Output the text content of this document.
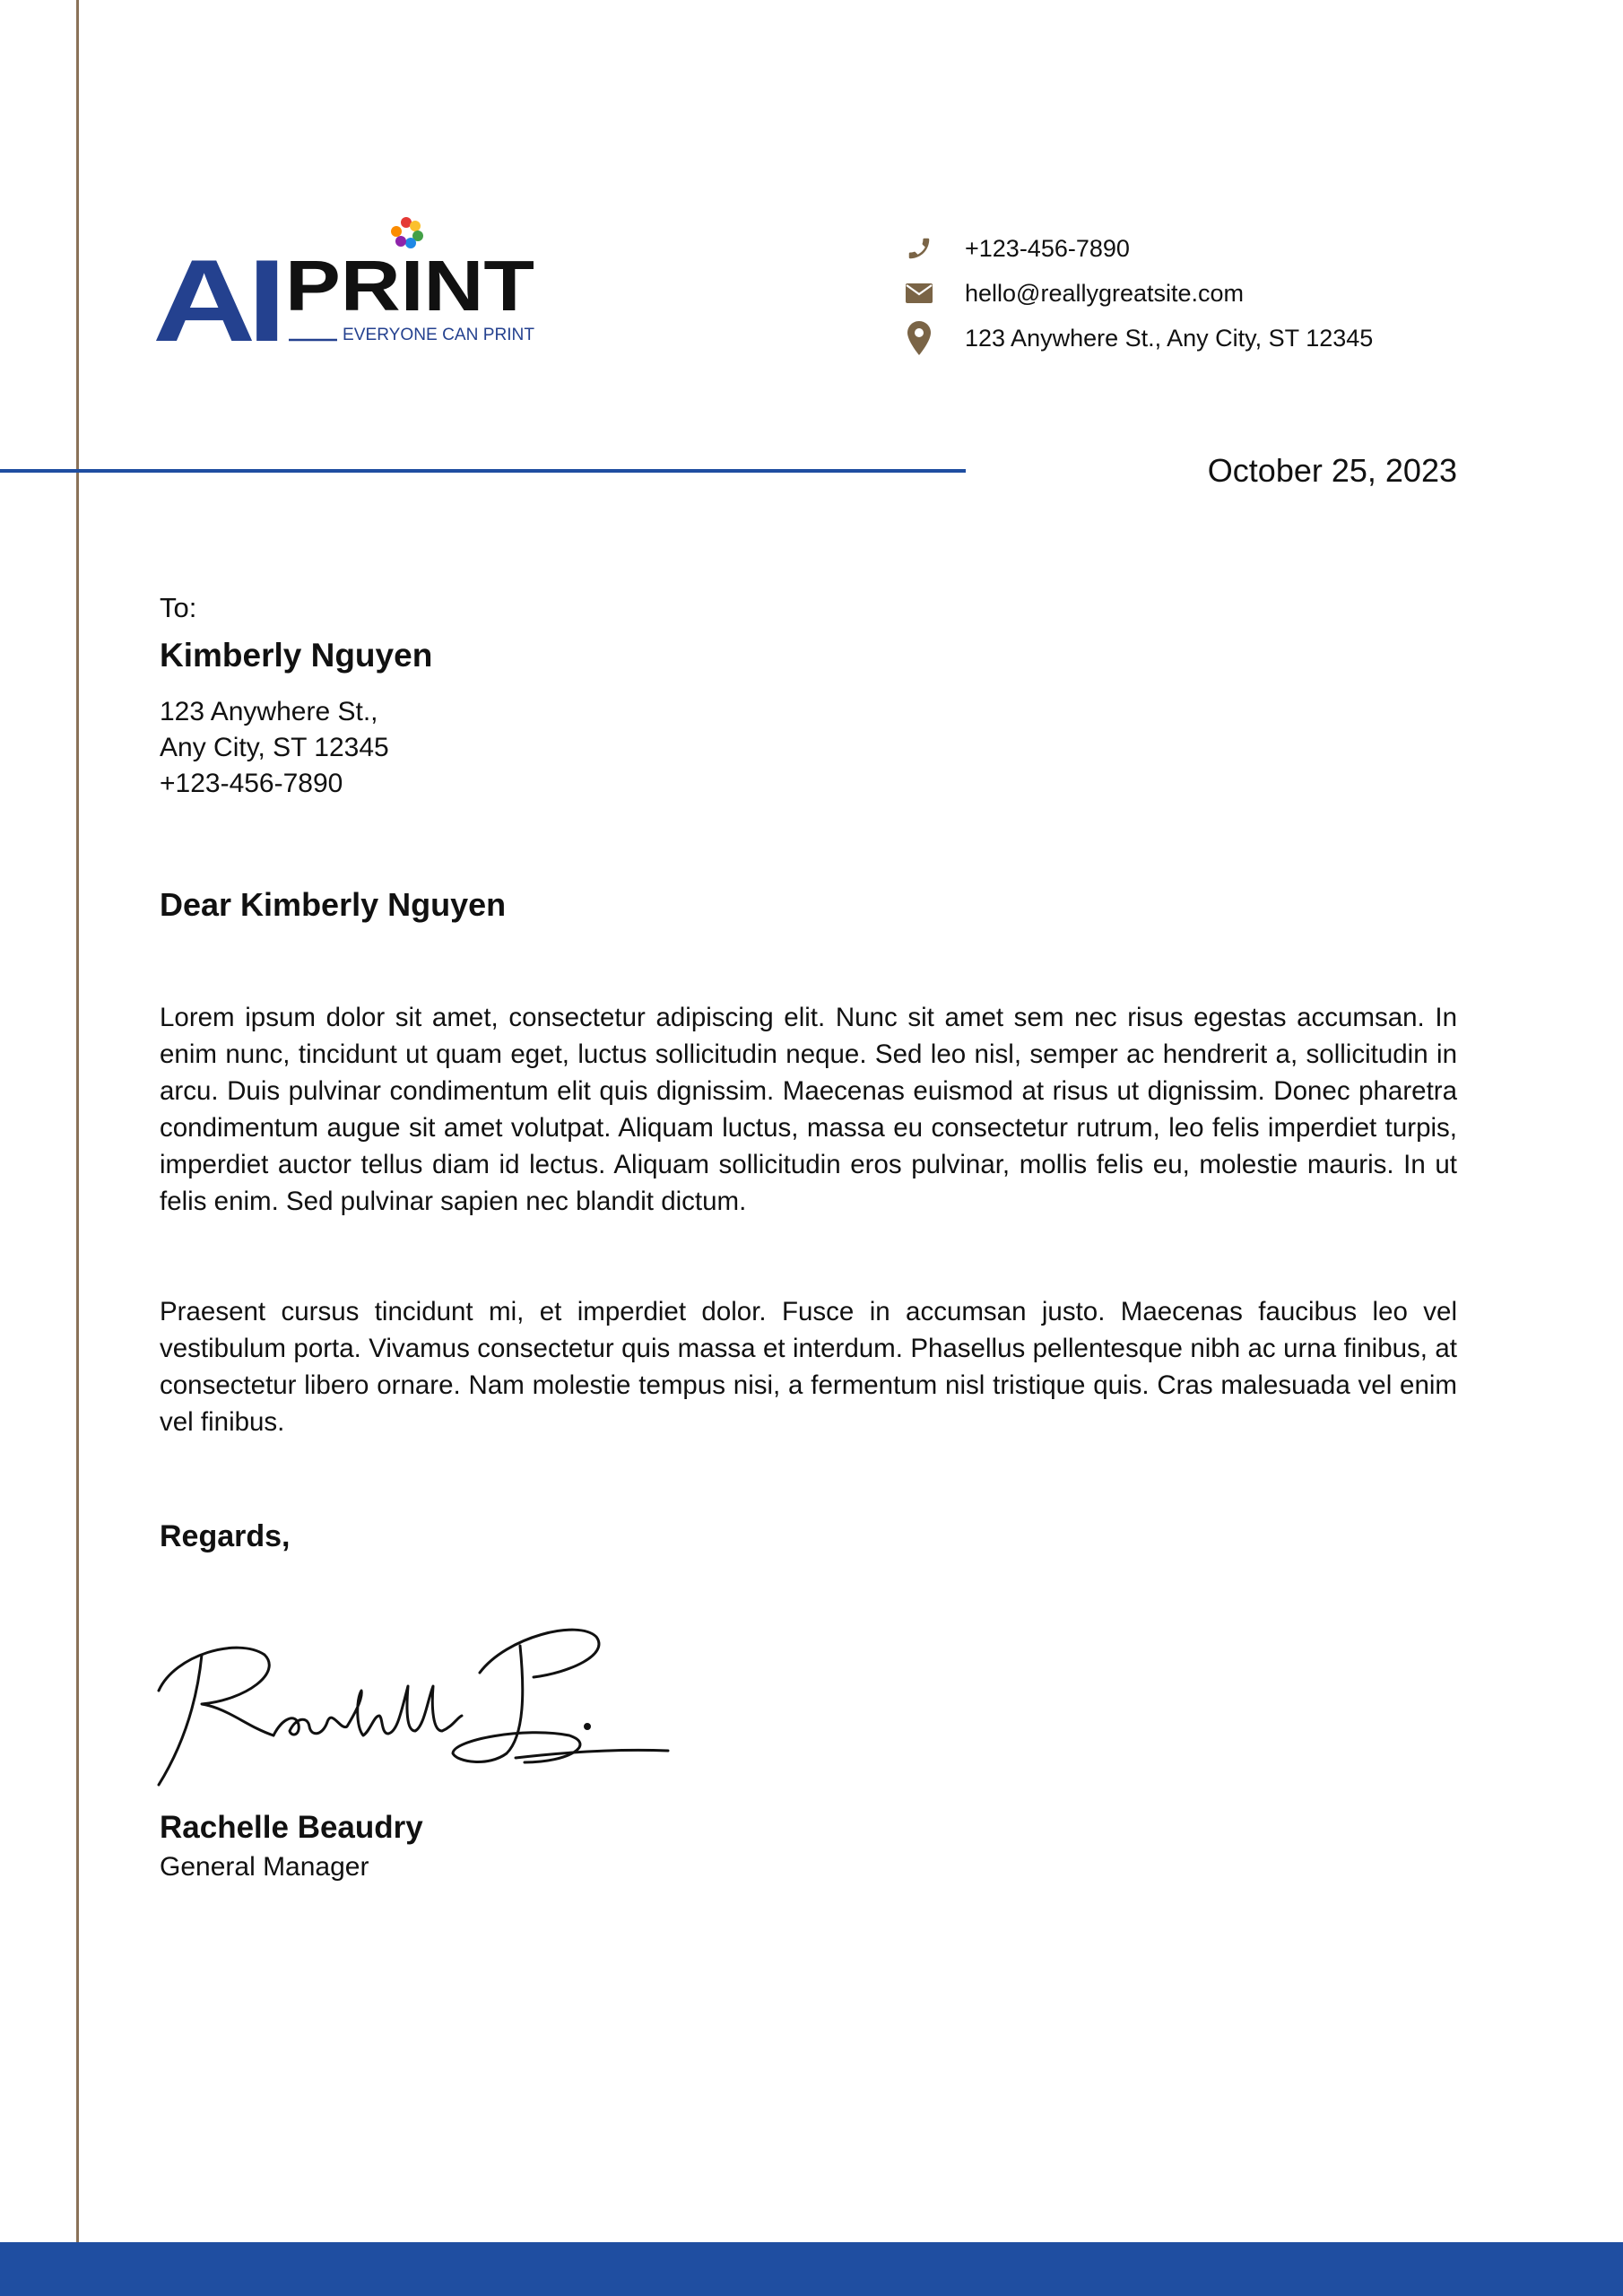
AI PRINT
EVERYONE CAN PRINT
+123-456-7890
hello@reallygreatsite.com
123 Anywhere St., Any City, ST 12345
October 25, 2023
To:
Kimberly Nguyen
123 Anywhere St.,
Any City, ST 12345
+123-456-7890
Dear Kimberly Nguyen
Lorem ipsum dolor sit amet, consectetur adipiscing elit. Nunc sit amet sem nec risus egestas accumsan. In enim nunc, tincidunt ut quam eget, luctus sollicitudin neque. Sed leo nisl, semper ac hendrerit a, sollicitudin in arcu. Duis pulvinar condimentum elit quis dignissim. Maecenas euismod at risus ut dignissim. Donec pharetra condimentum augue sit amet volutpat. Aliquam luctus, massa eu consectetur rutrum, leo felis imperdiet turpis, imperdiet auctor tellus diam id lectus. Aliquam sollicitudin eros pulvinar, mollis felis eu, molestie mauris. In ut felis enim. Sed pulvinar sapien nec blandit dictum.
Praesent cursus tincidunt mi, et imperdiet dolor. Fusce in accumsan justo. Maecenas faucibus leo vel vestibulum porta. Vivamus consectetur quis massa et interdum. Phasellus pellentesque nibh ac urna finibus, at consectetur libero ornare. Nam molestie tempus nisi, a fermentum nisl tristique quis. Cras malesuada vel enim vel finibus.
Regards,
Rachelle Beaudry
General Manager
